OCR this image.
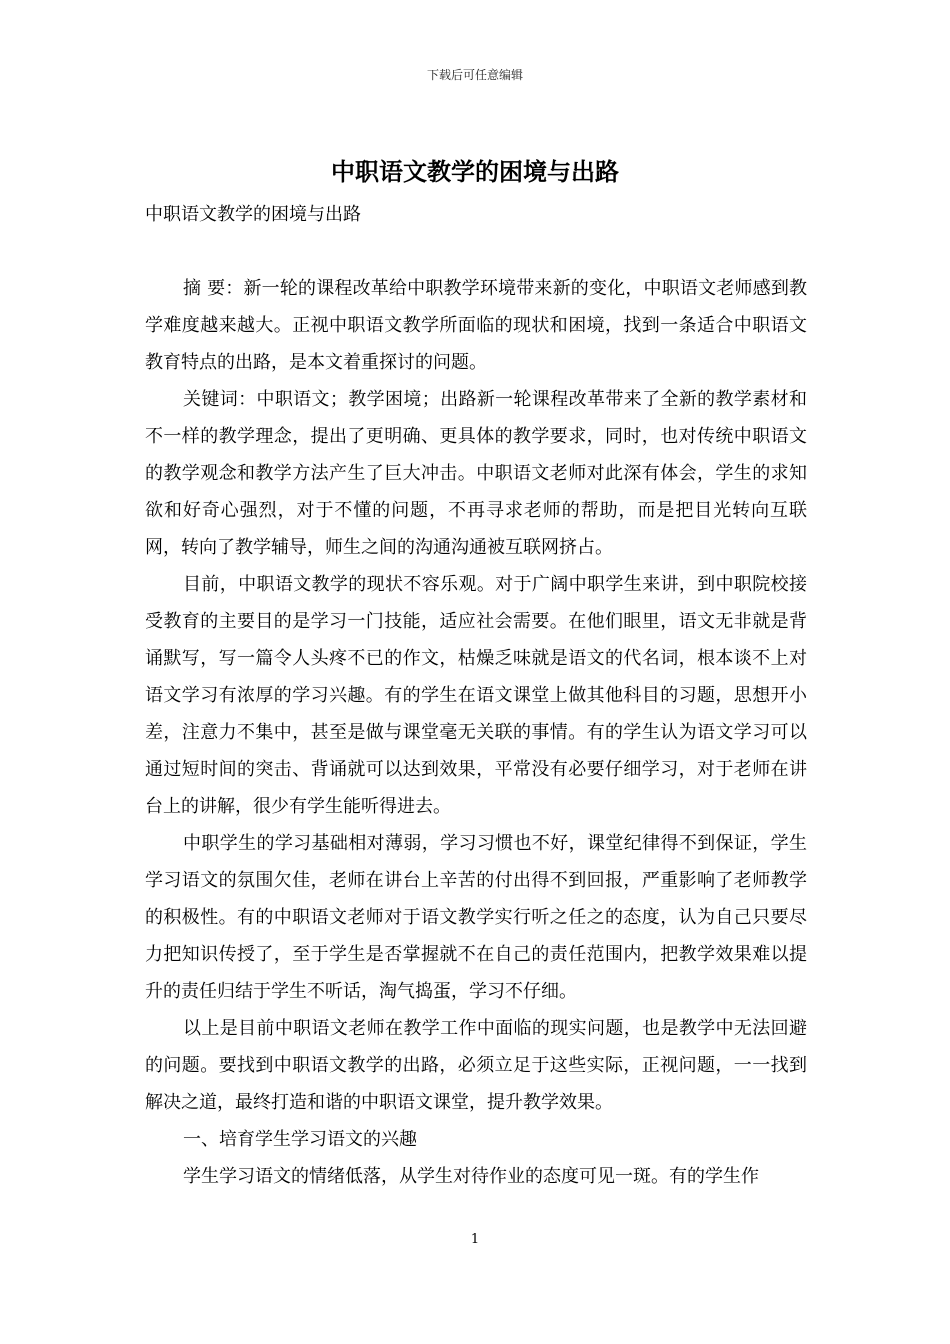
下载后可任意编辑
中职语文教学的困境与出路
中职语文教学的困境与出路

摘 要：新一轮的课程改革给中职教学环境带来新的变化，中职语文老师感到教学难度越来越大。正视中职语文教学所面临的现状和困境，找到一条适合中职语文教育特点的出路，是本文着重探讨的问题。

关键词：中职语文；教学困境；出路新一轮课程改革带来了全新的教学素材和不一样的教学理念，提出了更明确、更具体的教学要求，同时，也对传统中职语文的教学观念和教学方法产生了巨大冲击。中职语文老师对此深有体会，学生的求知欲和好奇心强烈，对于不懂的问题，不再寻求老师的帮助，而是把目光转向互联网，转向了教学辅导，师生之间的沟通沟通被互联网挤占。

目前，中职语文教学的现状不容乐观。对于广阔中职学生来讲，到中职院校接受教育的主要目的是学习一门技能，适应社会需要。在他们眼里，语文无非就是背诵默写，写一篇令人头疼不已的作文，枯燥乏味就是语文的代名词，根本谈不上对语文学习有浓厚的学习兴趣。有的学生在语文课堂上做其他科目的习题，思想开小差，注意力不集中，甚至是做与课堂毫无关联的事情。有的学生认为语文学习可以通过短时间的突击、背诵就可以达到效果，平常没有必要仔细学习，对于老师在讲台上的讲解，很少有学生能听得进去。

中职学生的学习基础相对薄弱，学习习惯也不好，课堂纪律得不到保证，学生学习语文的氛围欠佳，老师在讲台上辛苦的付出得不到回报，严重影响了老师教学的积极性。有的中职语文老师对于语文教学实行听之任之的态度，认为自己只要尽力把知识传授了，至于学生是否掌握就不在自己的责任范围内，把教学效果难以提升的责任归结于学生不听话，淘气捣蛋，学习不仔细。

以上是目前中职语文老师在教学工作中面临的现实问题，也是教学中无法回避的问题。要找到中职语文教学的出路，必须立足于这些实际，正视问题，一一找到解决之道，最终打造和谐的中职语文课堂，提升教学效果。

一、培育学生学习语文的兴趣

学生学习语文的情绪低落，从学生对待作业的态度可见一斑。有的学生作

1
